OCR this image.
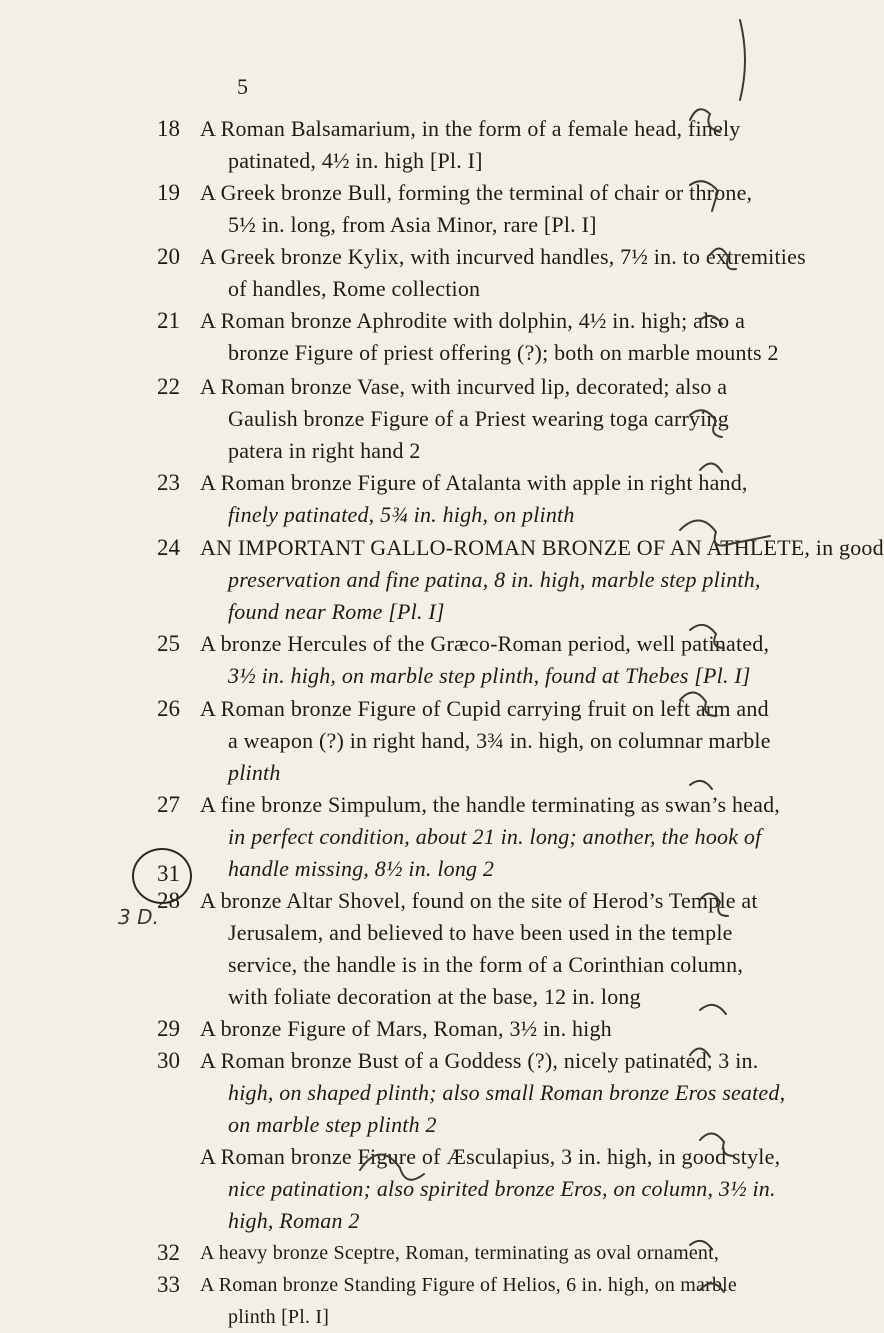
5
18 A Roman Balsamarium, in the form of a female head, finely
patinated, 4½ in. high [Pl. I]
19 A Greek bronze Bull, forming the terminal of chair or throne,
5½ in. long, from Asia Minor, rare [Pl. I]
20 A Greek bronze Kylix, with incurved handles, 7½ in. to extremities
of handles, Rome collection
21 A Roman bronze Aphrodite with dolphin, 4½ in. high; also a
bronze Figure of priest offering (?); both on marble mounts 2
22 A Roman bronze Vase, with incurved lip, decorated; also a
Gaulish bronze Figure of a Priest wearing toga carrying
patera in right hand 2
23 A Roman bronze Figure of Atalanta with apple in right hand,
finely patinated, 5¾ in. high, on plinth
24 AN IMPORTANT GALLO-ROMAN BRONZE OF AN ATHLETE, in good
preservation and fine patina, 8 in. high, marble step plinth,
found near Rome [Pl. I]
25 A bronze Hercules of the Græco-Roman period, well patinated,
3½ in. high, on marble step plinth, found at Thebes [Pl. I]
26 A Roman bronze Figure of Cupid carrying fruit on left arm and
a weapon (?) in right hand, 3¾ in. high, on columnar marble
plinth
27 A fine bronze Simpulum, the handle terminating as swan’s head,
in perfect condition, about 21 in. long; another, the hook of
handle missing, 8½ in. long 2
28 A bronze Altar Shovel, found on the site of Herod’s Temple at
Jerusalem, and believed to have been used in the temple
service, the handle is in the form of a Corinthian column,
with foliate decoration at the base, 12 in. long
29 A bronze Figure of Mars, Roman, 3½ in. high
30 A Roman bronze Bust of a Goddess (?), nicely patinated, 3 in.
high, on shaped plinth; also small Roman bronze Eros seated,
on marble step plinth 2
3 D.
31
A Roman bronze Figure of Æsculapius, 3 in. high, in good style,
nice patination; also spirited bronze Eros, on column, 3½ in.
high, Roman 2
32 A heavy bronze Sceptre, Roman, terminating as oval ornament,
33 A Roman bronze Standing Figure of Helios, 6 in. high, on marble
plinth [Pl. I]
